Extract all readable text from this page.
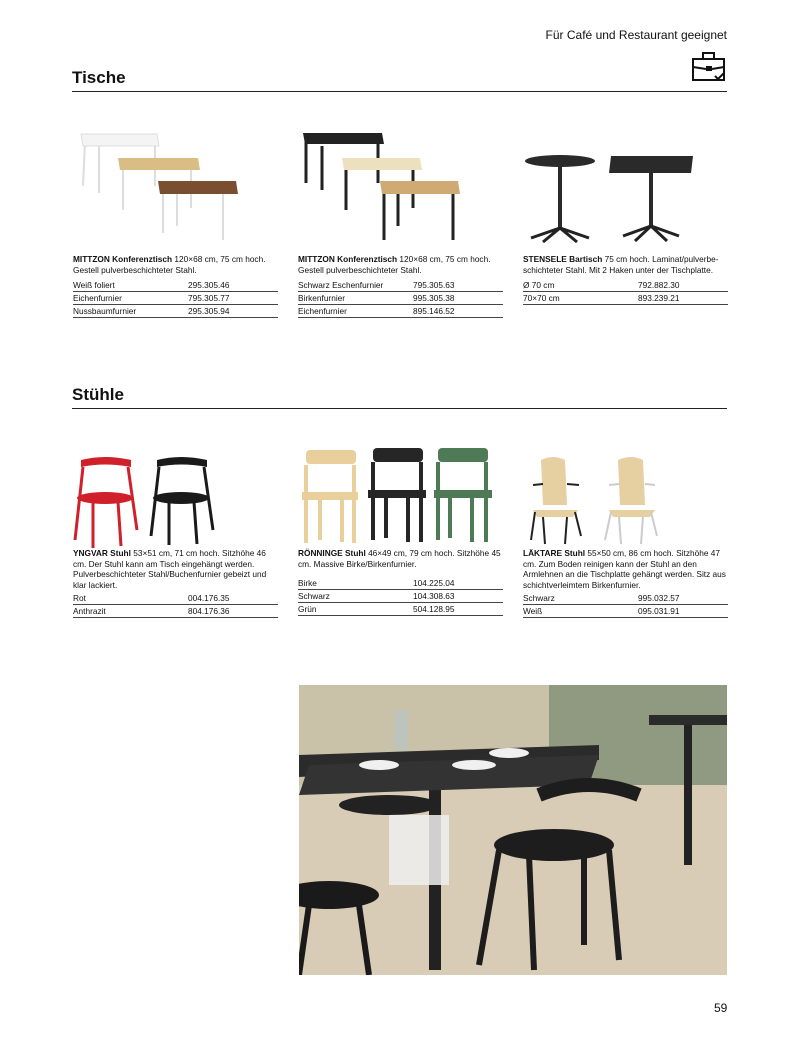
Für Café und Restaurant geeignet
Tische
MITTZON Konferenztisch 120×68 cm, 75 cm hoch. Gestell pulverbeschichteter Stahl.
Weiß foliert	295.305.46
Eichenfurnier	795.305.77
Nussbaumfurnier	295.305.94
MITTZON Konferenztisch 120×68 cm, 75 cm hoch. Gestell pulverbeschichteter Stahl.
Schwarz Eschenfurnier	795.305.63
Birkenfurnier	995.305.38
Eichenfurnier	895.146.52
STENSELE Bartisch 75 cm hoch. Laminat/pulverbeschichteter Stahl. Mit 2 Haken unter der Tischplatte.
Ø 70 cm	792.882.30
70×70 cm	893.239.21
Stühle
YNGVAR Stuhl 53×51 cm, 71 cm hoch. Sitzhöhe 46 cm. Der Stuhl kann am Tisch eingehängt werden. Pulverbeschichteter Stahl/Buchenfurnier gebeizt und klar lackiert.
Rot	004.176.35
Anthrazit	804.176.36
RÖNNINGE Stuhl 46×49 cm, 79 cm hoch. Sitzhöhe 45 cm. Massive Birke/Birkenfurnier.
Birke	104.225.04
Schwarz	104.308.63
Grün	504.128.95
LÄKTARE Stuhl 55×50 cm, 86 cm hoch. Sitzhöhe 47 cm. Zum Boden reinigen kann der Stuhl an den Armlehnen an die Tischplatte gehängt werden. Sitz aus schichtverleimtem Birkenfurnier.
Schwarz	995.032.57
Weiß	095.031.91
59
